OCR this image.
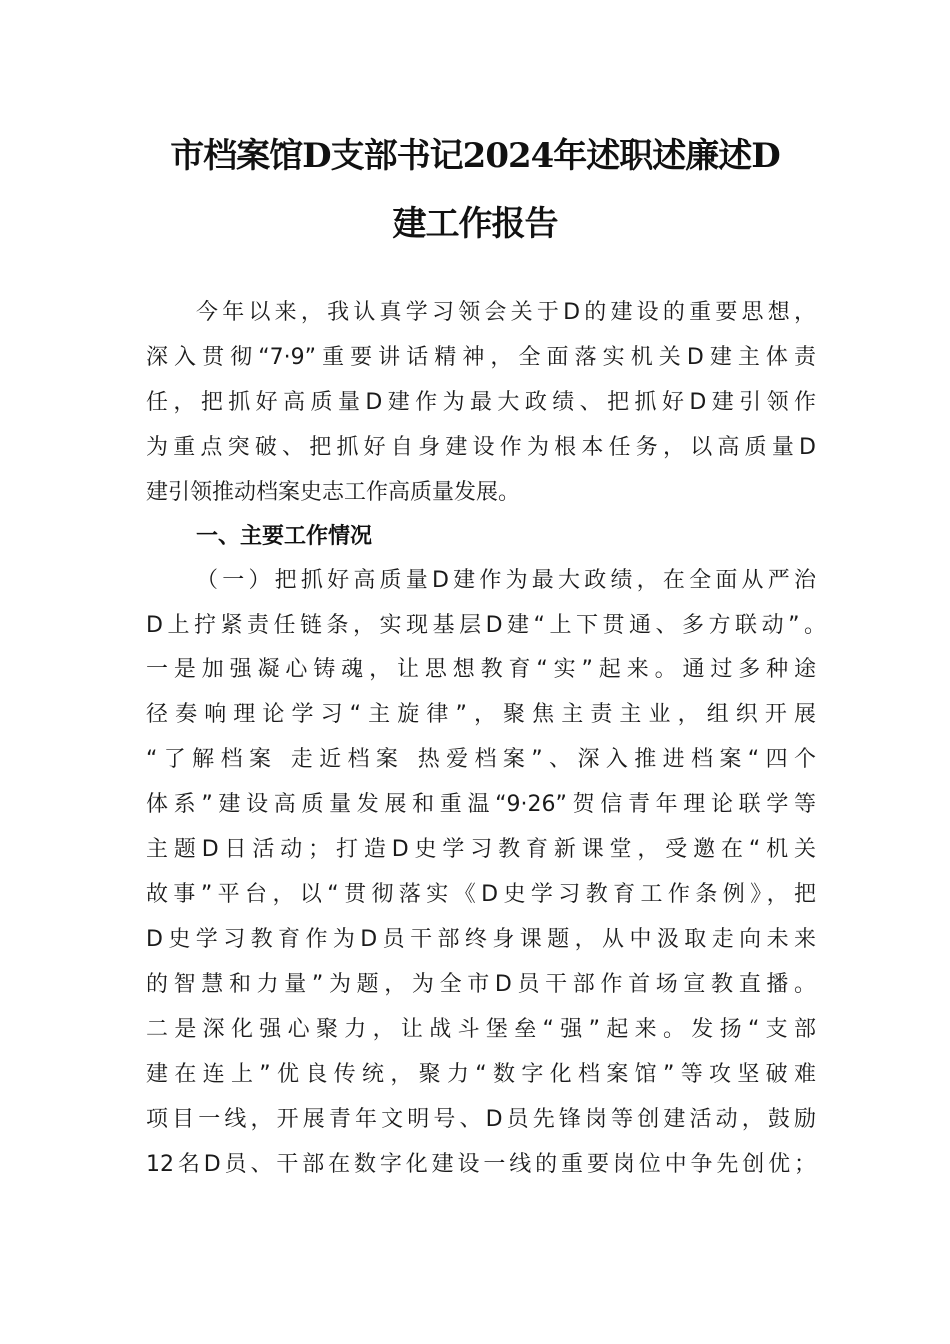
市档案馆D支部书记2024年述职述廉述D
建工作报告
今年以来，我认真学习领会关于D的建设的重要思想，
深入贯彻“7·9”重要讲话精神，全面落实机关D建主体责
任，把抓好高质量D建作为最大政绩、把抓好D建引领作
为重点突破、把抓好自身建设作为根本任务，以高质量D
建引领推动档案史志工作高质量发展。
一、主要工作情况
（一）把抓好高质量D建作为最大政绩，在全面从严治
D上拧紧责任链条，实现基层D建“上下贯通、多方联动”。
一是加强凝心铸魂，让思想教育“实”起来。通过多种途
径奏响理论学习“主旋律”，聚焦主责主业，组织开展
“了解档案 走近档案 热爱档案”、深入推进档案“四个
体系”建设高质量发展和重温“9·26”贺信青年理论联学等
主题D日活动；打造D史学习教育新课堂，受邀在“机关
故事”平台，以“贯彻落实《D史学习教育工作条例》，把
D史学习教育作为D员干部终身课题，从中汲取走向未来
的智慧和力量”为题，为全市D员干部作首场宣教直播。
二是深化强心聚力，让战斗堡垒“强”起来。发扬“支部
建在连上”优良传统，聚力“数字化档案馆”等攻坚破难
项目一线，开展青年文明号、D员先锋岗等创建活动，鼓励
12名D员、干部在数字化建设一线的重要岗位中争先创优；
